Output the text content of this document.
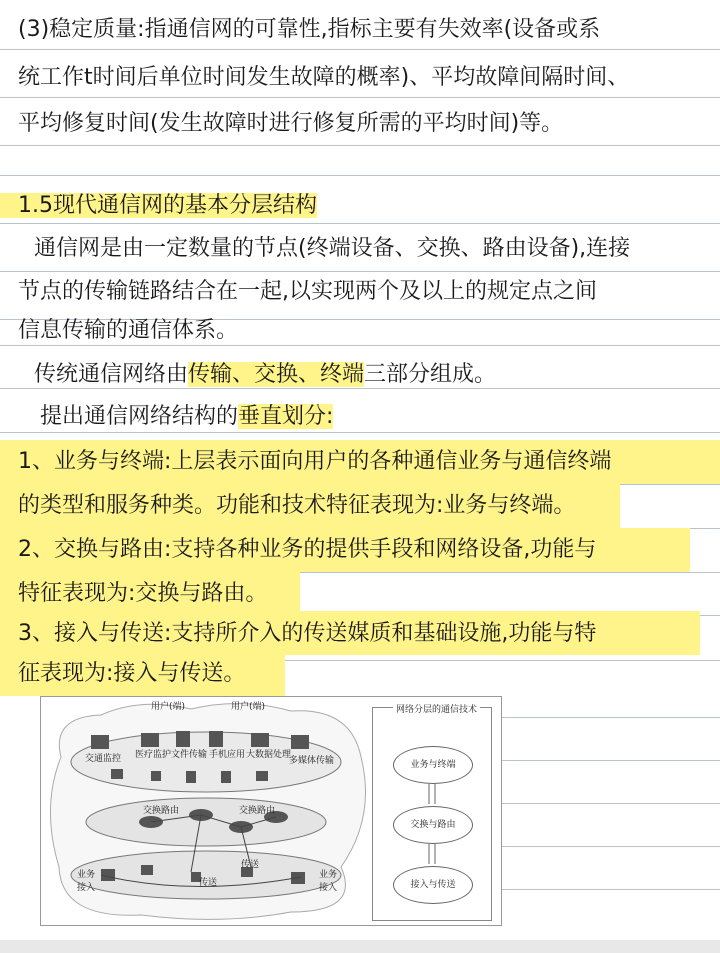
(3)稳定质量:指通信网的可靠性,指标主要有失效率(设备或系
统工作t时间后单位时间发生故障的概率)、平均故障间隔时间、
平均修复时间(发生故障时进行修复所需的平均时间)等。
1.5现代通信网的基本分层结构
通信网是由一定数量的节点(终端设备、交换、路由设备),连接
节点的传输链路结合在一起,以实现两个及以上的规定点之间
信息传输的通信体系。
传统通信网络由传输、交换、终端三部分组成。
提出通信网络结构的垂直划分:
1、业务与终端:上层表示面向用户的各种通信业务与通信终端
的类型和服务种类。功能和技术特征表现为:业务与终端。
2、交换与路由:支持各种业务的提供手段和网络设备,功能与
特征表现为:交换与路由。
3、接入与传送:支持所介入的传送媒质和基础设施,功能与特
征表现为:接入与传送。
用户(端)	用户(端)
交通监控 医疗监护 文件传输 手机应用 大数据处理
多媒体传输
交换路由	交换路由
传送
传送
业务接入
业务接入
网络分层的通信技术
业务与终端
交换与路由
接入与传送
